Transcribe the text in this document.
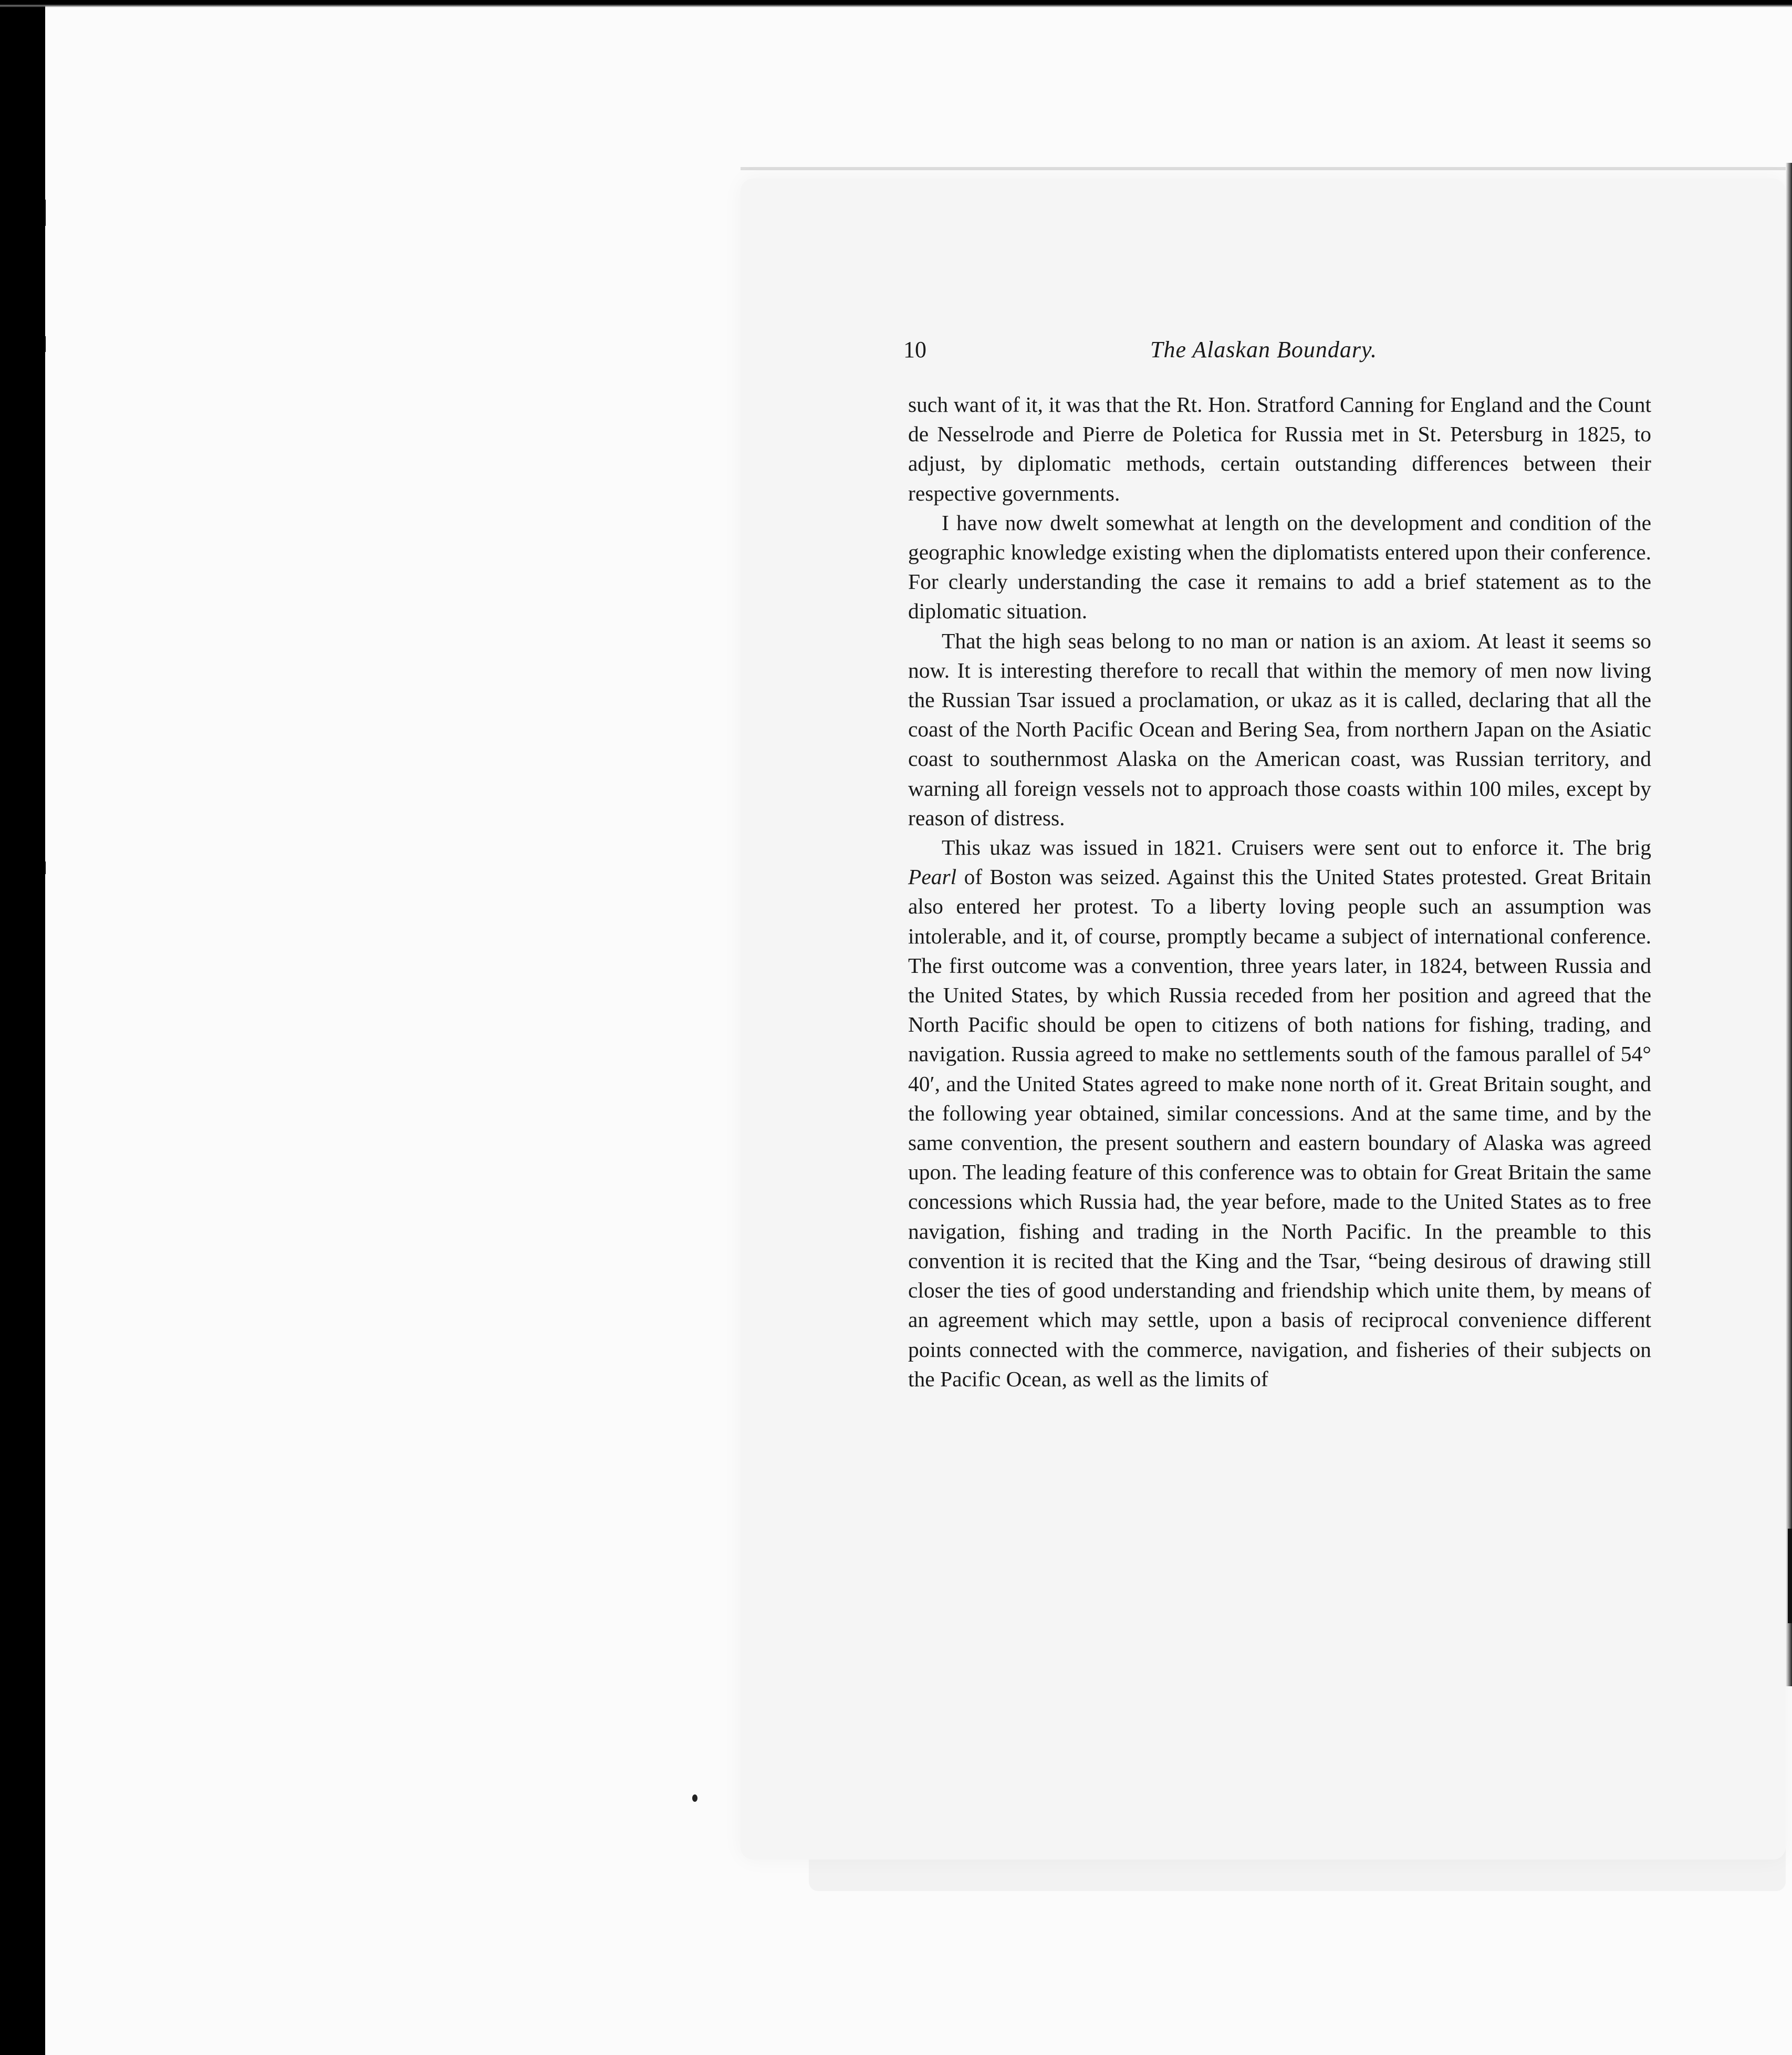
10	The Alaskan Boundary.

such want of it, it was that the Rt. Hon. Stratford Canning for England and the Count de Nesselrode and Pierre de Poletica for Russia met in St. Petersburg in 1825, to adjust, by diplomatic methods, certain outstanding differences between their respective governments.

I have now dwelt somewhat at length on the development and condition of the geographic knowledge existing when the diplomatists entered upon their conference. For clearly understanding the case it remains to add a brief statement as to the diplomatic situation.

That the high seas belong to no man or nation is an axiom. At least it seems so now. It is interesting therefore to recall that within the memory of men now living the Russian Tsar issued a proclamation, or ukaz as it is called, declaring that all the coast of the North Pacific Ocean and Bering Sea, from northern Japan on the Asiatic coast to southernmost Alaska on the American coast, was Russian territory, and warning all foreign vessels not to approach those coasts within 100 miles, except by reason of distress.

This ukaz was issued in 1821. Cruisers were sent out to enforce it. The brig Pearl of Boston was seized. Against this the United States protested. Great Britain also entered her protest. To a liberty loving people such an assumption was intolerable, and it, of course, promptly became a subject of international conference. The first outcome was a convention, three years later, in 1824, between Russia and the United States, by which Russia receded from her position and agreed that the North Pacific should be open to citizens of both nations for fishing, trading, and navigation. Russia agreed to make no settlements south of the famous parallel of 54° 40′, and the United States agreed to make none north of it. Great Britain sought, and the following year obtained, similar concessions. And at the same time, and by the same convention, the present southern and eastern boundary of Alaska was agreed upon. The leading feature of this conference was to obtain for Great Britain the same concessions which Russia had, the year before, made to the United States as to free navigation, fishing and trading in the North Pacific. In the preamble to this convention it is recited that the King and the Tsar, “being desirous of drawing still closer the ties of good understanding and friendship which unite them, by means of an agreement which may settle, upon a basis of reciprocal convenience different points connected with the commerce, navigation, and fisheries of their subjects on the Pacific Ocean, as well as the limits of
